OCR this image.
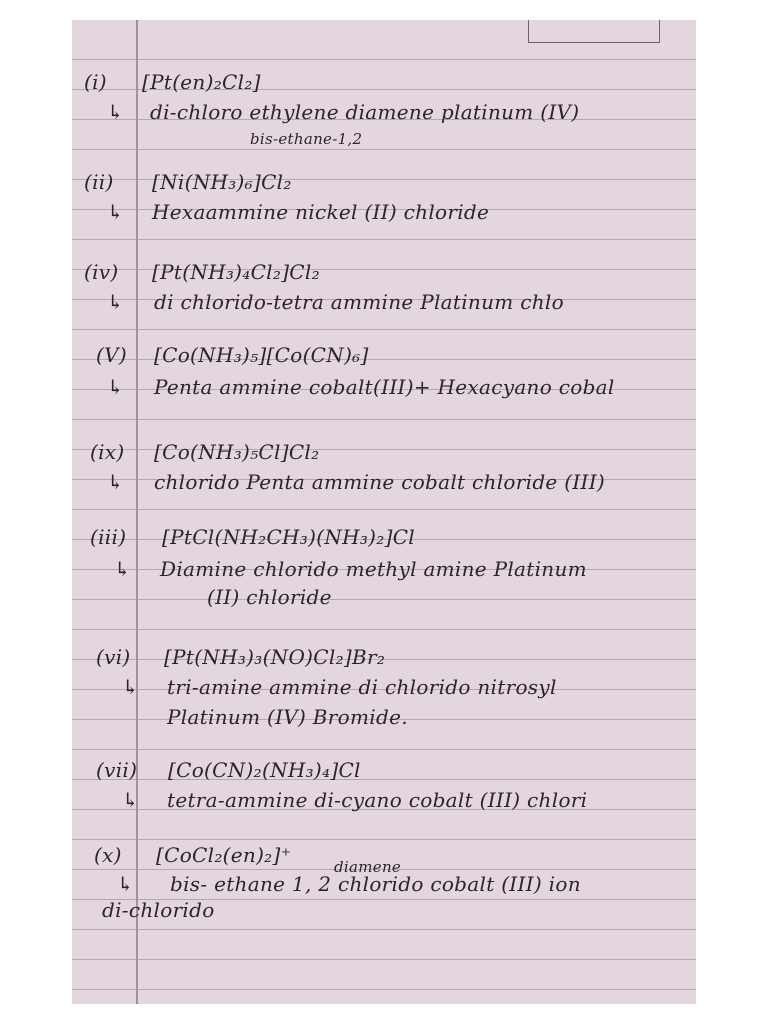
(i) [Pt(en)₂Cl₂]
↳ di-chloro ethylene diamene platinum (IV)
bis-ethane-1,2
(ii) [Ni(NH₃)₆]Cl₂
↳ Hexaammine nickel (II) chloride
(iv) [Pt(NH₃)₄Cl₂]Cl₂
↳ di chlorido-tetra ammine Platinum chlo
(V) [Co(NH₃)₅][Co(CN)₆]
↳ Penta ammine cobalt(III)+ Hexacyano cobal
(ix) [Co(NH₃)₅Cl]Cl₂
↳ chlorido Penta ammine cobalt chloride (III)
(iii) [PtCl(NH₂CH₃)(NH₃)₂]Cl
↳ Diamine chlorido methyl amine Platinum
(II) chloride
(vi) [Pt(NH₃)₃(NO)Cl₂]Br₂
↳ tri-amine ammine di chlorido nitrosyl
Platinum (IV) Bromide.
(vii) [Co(CN)₂(NH₃)₄]Cl
↳ tetra-ammine di-cyano cobalt (III) chlori
(x) [CoCl₂(en)₂]⁺	diamene
↳ bis- ethane 1, 2 chlorido cobalt (III) ion
di-chlorido
